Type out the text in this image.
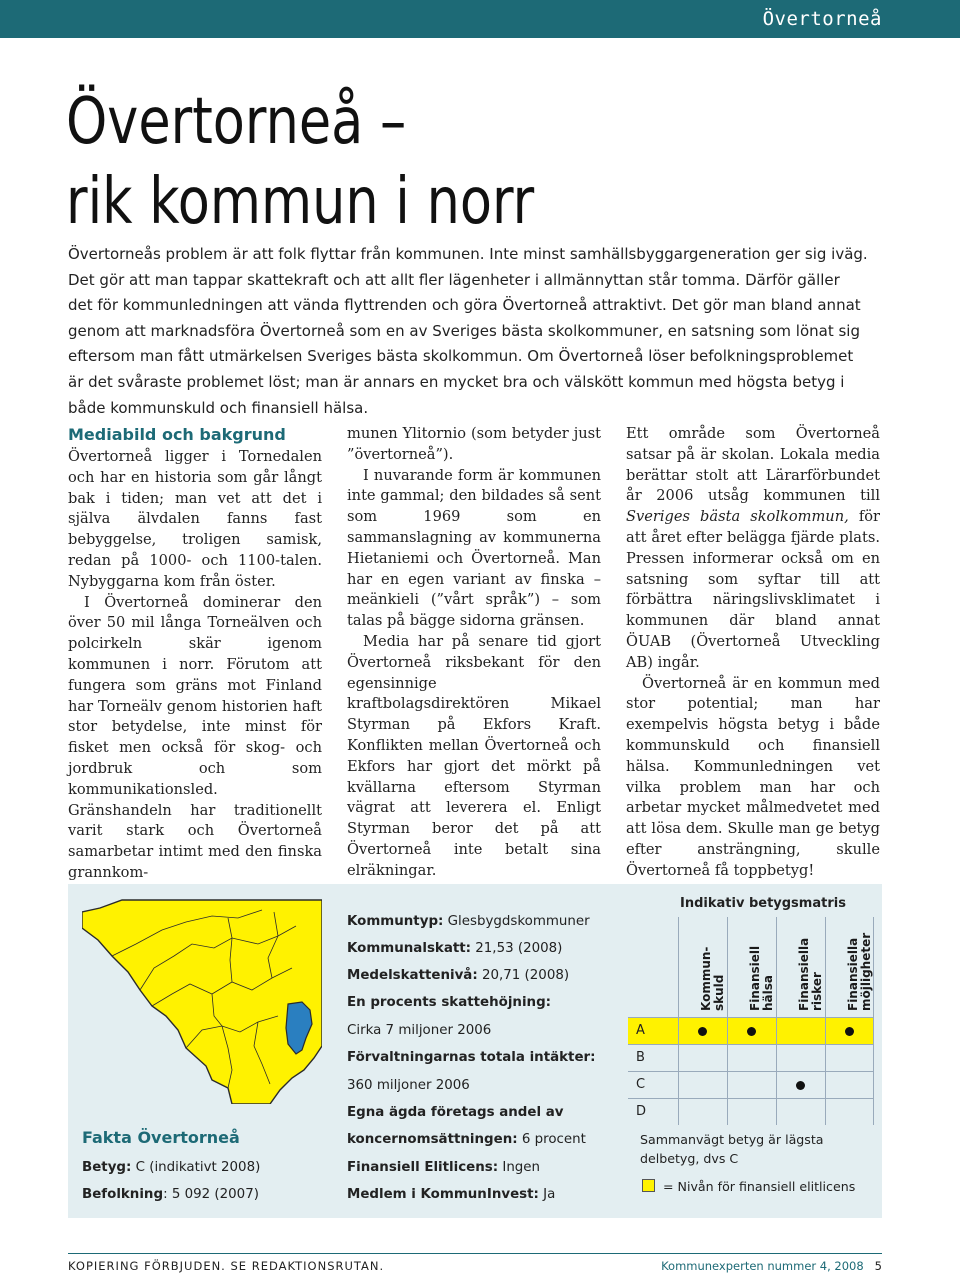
Övertorneå
Övertorneå –
rik kommun i norr

Övertorneås problem är att folk flyttar från kommunen. Inte minst samhällsbyggargeneration ger sig iväg. Det gör att man tappar skattekraft och att allt fler lägenheter i allmännyttan står tomma. Därför gäller det för kommunledningen att vända flyttrenden och göra Övertorneå attraktivt. Det gör man bland annat genom att marknadsföra Övertorneå som en av Sveriges bästa skolkommuner, en satsning som lönat sig eftersom man fått utmärkelsen Sveriges bästa skolkommun. Om Övertorneå löser befolkningsproblemet är det svåraste problemet löst; man är annars en mycket bra och välskött kommun med högsta betyg i både kommunskuld och finansiell hälsa.

Mediabild och bakgrund

Övertorneå ligger i Tornedalen och har en historia som går långt bak i tiden; man vet att det i själva älvdalen fanns fast bebyggelse, troligen samisk, redan på 1000- och 1100-talen. Nybyggarna kom från öster.

I Övertorneå dominerar den över 50 mil långa Torneälven och polcirkeln skär igenom kommunen i norr. Förutom att fungera som gräns mot Finland har Torneälv genom historien haft stor betydelse, inte minst för fisket men också för skog- och jordbruk och som kommunikationsled. Gränshandeln har traditionellt varit stark och Övertorneå samarbetar intimt med den finska grannkom-

munen Ylitornio (som betyder just ”övertorneå”).

I nuvarande form är kommunen inte gammal; den bildades så sent som 1969 som en sammanslagning av kommunerna Hietaniemi och Övertorneå. Man har en egen variant av finska – meänkieli (”vårt språk”) – som talas på bägge sidorna gränsen.

Media har på senare tid gjort Övertorneå riksbekant för den egensinnige kraftbolagsdirektören Mikael Styrman på Ekfors Kraft. Konflikten mellan Övertorneå och Ekfors har gjort det mörkt på kvällarna eftersom Styrman vägrat att leverera el. Enligt Styrman beror det på att Övertorneå inte betalt sina elräkningar.

Ett område som Övertorneå satsar på är skolan. Lokala media berättar stolt att Lärarförbundet år 2006 utsåg kommunen till Sveriges bästa skolkommun, för att året efter belägga fjärde plats. Pressen informerar också om en satsning som syftar till att förbättra näringslivsklimatet i kommunen där bland annat ÖUAB (Övertorneå Utveckling AB) ingår.

Övertorneå är en kommun med stor potential; man har exempelvis högsta betyg i både kommunskuld och finansiell hälsa. Kommunledningen vet vilka problem man har och arbetar mycket målmedvetet med att lösa dem. Skulle man ge betyg efter ansträngning, skulle Övertorneå få toppbetyg!

Fakta Övertorneå
Betyg: C (indikativt 2008)
Befolkning: 5 092 (2007)
Kommuntyp: Glesbygdskommuner
Kommunalskatt: 21,53 (2008)
Medelskattenivå: 20,71 (2008)
En procents skattehöjning:
Cirka 7 miljoner 2006
Förvaltningarnas totala intäkter:
360 miljoner 2006
Egna ägda företags andel av
koncernomsättningen: 6 procent
Finansiell Elitlicens: Ingen
Medlem i KommunInvest: Ja
Indikativ betygsmatris
Kommun-
skuld Finansiell
hälsa Finansiella
risker Finansiella
möjligheter
A
B
C
D
Sammanvägt betyg är lägsta delbetyg, dvs C
= Nivån för finansiell elitlicens
KOPIERING FÖRBJUDEN. SE REDAKTIONSRUTAN.	Kommunexperten nummer 4, 2008 5
